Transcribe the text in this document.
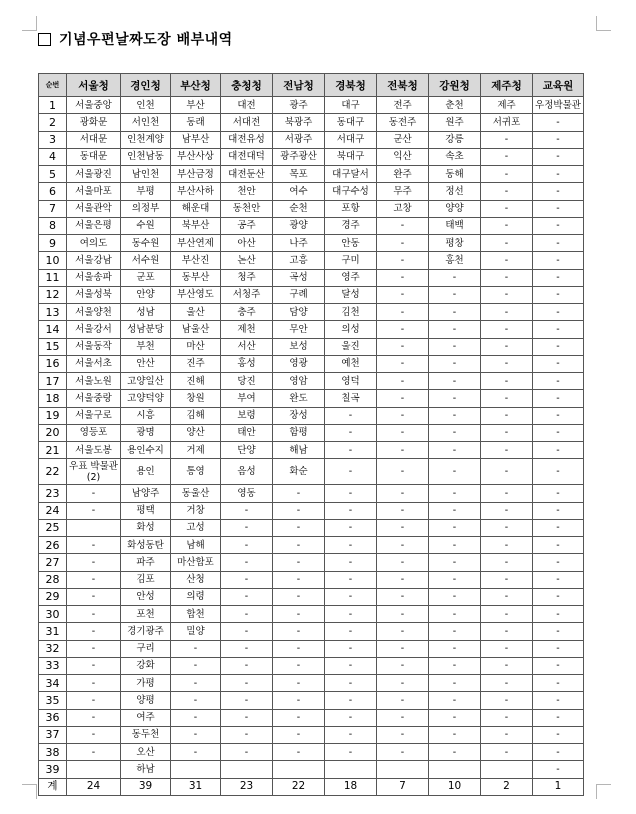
기념우편날짜도장 배부내역
순번	서울청	경인청	부산청	충청청	전남청	경북청	전북청	강원청	제주청	교육원
1	서울중앙	인천	부산	대전	광주	대구	전주	춘천	제주	우정박물관
2	광화문	서인천	동래	서대전	북광주	동대구	동전주	원주	서귀포	-
3	서대문	인천계양	남부산	대전유성	서광주	서대구	군산	강릉	-	-
4	동대문	인천남동	부산사상	대전대덕	광주광산	북대구	익산	속초	-	-
5	서울광진	남인천	부산금정	대전둔산	목포	대구달서	완주	동해	-	-
6	서울마포	부평	부산사하	천안	여수	대구수성	무주	정선	-	-
7	서울관악	의정부	해운대	동천안	순천	포항	고창	양양	-	-
8	서울은평	수원	북부산	공주	광양	경주	-	태백	-	-
9	여의도	동수원	부산연제	아산	나주	안동	-	평창	-	-
10	서울강남	서수원	부산진	논산	고흥	구미	-	홍천	-	-
11	서울송파	군포	동부산	청주	곡성	영주	-	-	-	-
12	서울성북	안양	부산영도	서청주	구례	달성	-	-	-	-
13	서울양천	성남	울산	충주	담양	김천	-	-	-	-
14	서울강서	성남분당	남울산	제천	무안	의성	-	-	-	-
15	서울동작	부천	마산	서산	보성	울진	-	-	-	-
16	서울서초	안산	진주	홍성	영광	예천	-	-	-	-
17	서울노원	고양일산	진해	당진	영암	영덕	-	-	-	-
18	서울중랑	고양덕양	창원	부여	완도	칠곡	-	-	-	-
19	서울구로	시흥	김해	보령	장성	-	-	-	-	-
20	영등포	광명	양산	태안	함평	-	-	-	-	-
21	서울도봉	용인수지	거제	단양	해남	-	-	-	-	-
22	우표 박물관(2)	용인	통영	음성	화순	-	-	-	-	-
23	-	남양주	동울산	영동	-	-	-	-	-	-
24	-	평택	거창	-	-	-	-	-	-	-
25		화성	고성	-	-	-	-	-	-	-
26	-	화성동탄	남해	-	-	-	-	-	-	-
27	-	파주	마산합포	-	-	-	-	-	-	-
28	-	김포	산청	-	-	-	-	-	-	-
29	-	안성	의령	-	-	-	-	-	-	-
30	-	포천	합천	-	-	-	-	-	-	-
31	-	경기광주	밀양	-	-	-	-	-	-	-
32	-	구리	-	-	-	-	-	-	-	-
33	-	강화	-	-	-	-	-	-	-	-
34	-	가평	-	-	-	-	-	-	-	-
35	-	양평	-	-	-	-	-	-	-	-
36	-	여주	-	-	-	-	-	-	-	-
37	-	동두천	-	-	-	-	-	-	-	-
38	-	오산	-	-	-	-	-	-	-	-
39		하남								-
계	24	39	31	23	22	18	7	10	2	1
